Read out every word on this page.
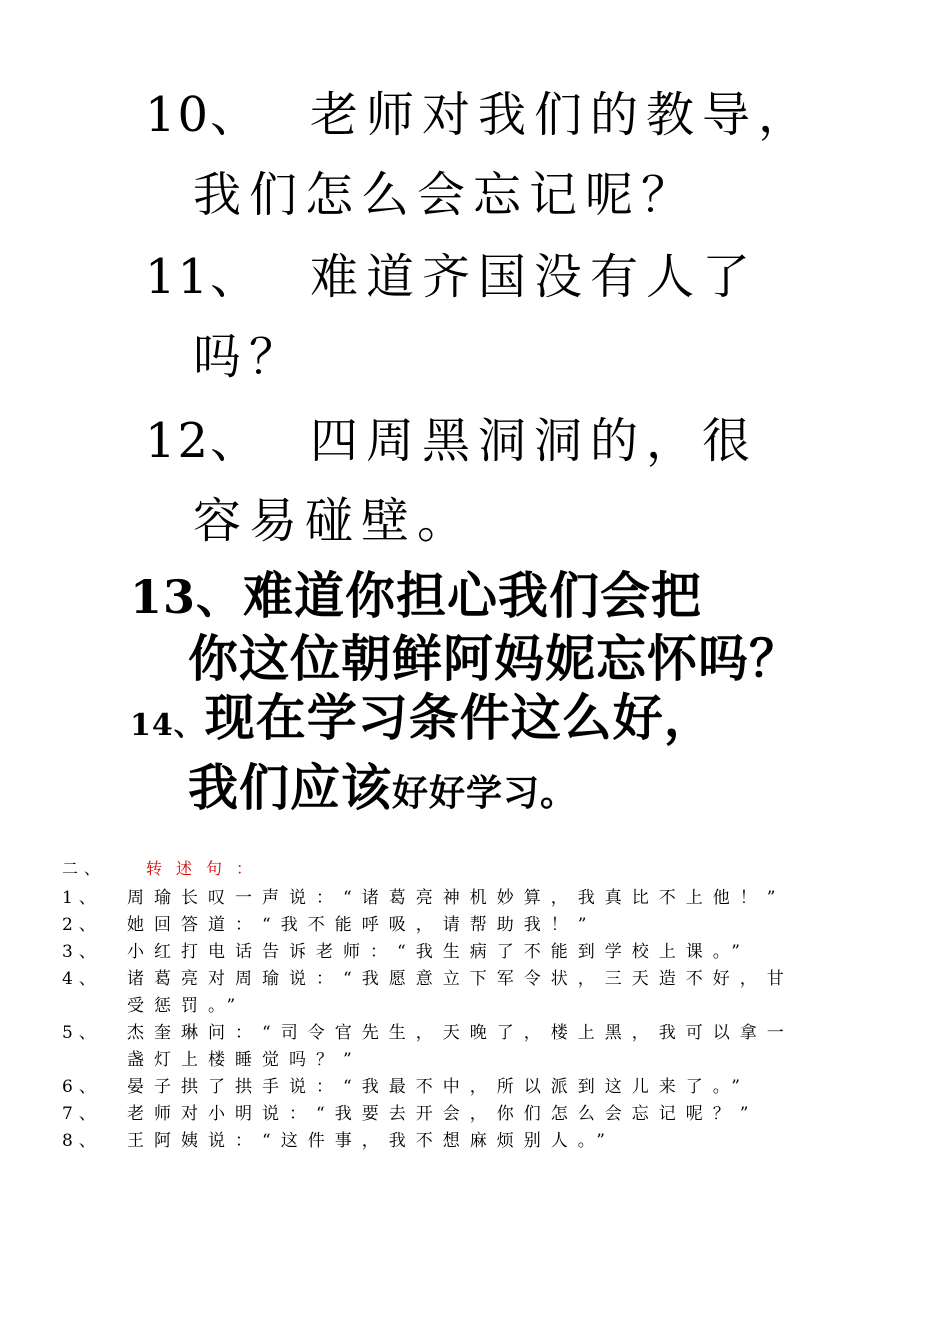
10、 老师对我们的教导，
我们怎么会忘记呢？
11、 难道齐国没有人了
吗？
12、 四周黑洞洞的，很
容易碰壁。
13、难道你担心我们会把
你这位朝鲜阿妈妮忘怀吗？
14、现在学习条件这么好，
我们应该好好学习。
二、	转述句：
1、	周瑜长叹一声说：“诸葛亮神机妙算，我真比不上他！”
2、	她回答道：“我不能呼吸，请帮助我！”
3、	小红打电话告诉老师：“我生病了不能到学校上课。”
4、	诸葛亮对周瑜说：“我愿意立下军令状，三天造不好，甘受惩罚。”
5、	杰奎琳问：“司令官先生，天晚了，楼上黑，我可以拿一盏灯上楼睡觉吗？”
6、	晏子拱了拱手说：“我最不中，所以派到这儿来了。”
7、	老师对小明说：“我要去开会，你们怎么会忘记呢？”
8、	王阿姨说：“这件事，我不想麻烦别人。”
